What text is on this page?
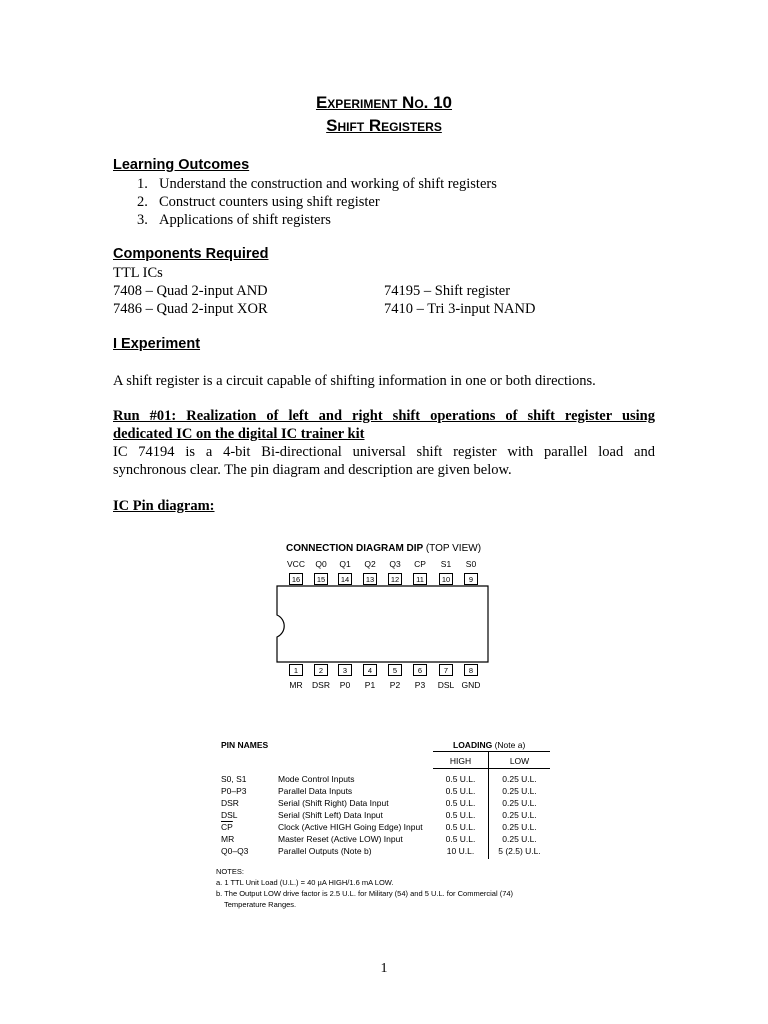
Experiment No. 10
Shift Registers
Learning Outcomes
1. Understand the construction and working of shift registers
2. Construct counters using shift register
3. Applications of shift registers
Components Required
TTL ICs
7408 – Quad 2-input AND
7486 – Quad 2-input XOR
74195 – Shift register
7410 – Tri 3-input NAND
I Experiment
A shift register is a circuit capable of shifting information in one or both directions.
Run #01: Realization of left and right shift operations of shift register using
dedicated IC on the digital IC trainer kit
IC 74194 is a 4-bit Bi-directional universal shift register with parallel load and
synchronous clear. The pin diagram and description are given below.
IC Pin diagram:
CONNECTION DIAGRAM DIP (TOP VIEW)
VCC	Q0	Q1	Q2	Q3	CP	S1	S0
16	15	14	13	12	11	10	9
1	2	3	4	5	6	7	8
MR	DSR	P0	P1	P2	P3	DSL GND
PIN NAMES	LOADING (Note a)
HIGH	LOW
S0, S1	Mode Control Inputs	0.5 U.L.	0.25 U.L.
P0–P3	Parallel Data Inputs	0.5 U.L.	0.25 U.L.
DSR	Serial (Shift Right) Data Input	0.5 U.L.	0.25 U.L.
DSL	Serial (Shift Left) Data Input	0.5 U.L.	0.25 U.L.
$\overline{CP}$	Clock (Active HIGH Going Edge) Input	0.5 U.L.	0.25 U.L.
MR	Master Reset (Active LOW) Input	0.5 U.L.	0.25 U.L.
Q0–Q3	Parallel Outputs (Note b)	10 U.L.	5 (2.5) U.L.
NOTES:
a. 1 TTL Unit Load (U.L.) = 40 µA HIGH/1.6 mA LOW.
b. The Output LOW drive factor is 2.5 U.L. for Military (54) and 5 U.L. for Commercial (74)
Temperature Ranges.
1
